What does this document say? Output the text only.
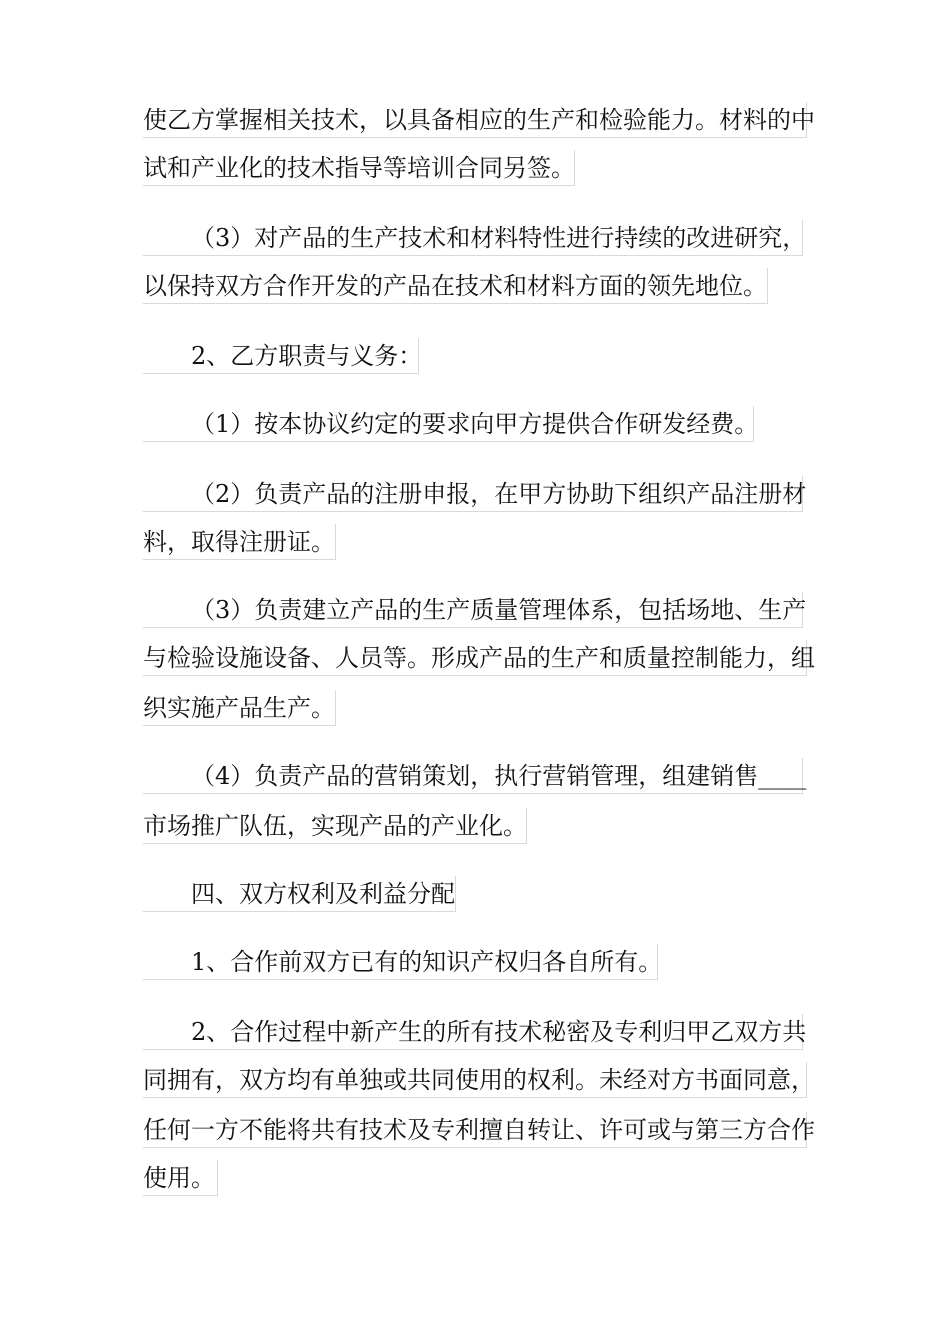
使乙方掌握相关技术，以具备相应的生产和检验能力。材料的中
试和产业化的技术指导等培训合同另签。
（3）对产品的生产技术和材料特性进行持续的改进研究，
以保持双方合作开发的产品在技术和材料方面的领先地位。
2、乙方职责与义务：
（1）按本协议约定的要求向甲方提供合作研发经费。
（2）负责产品的注册申报，在甲方协助下组织产品注册材
料，取得注册证。
（3）负责建立产品的生产质量管理体系，包括场地、生产
与检验设施设备、人员等。形成产品的生产和质量控制能力，组
织实施产品生产。
（4）负责产品的营销策划，执行营销管理，组建销售____
市场推广队伍，实现产品的产业化。
四、双方权利及利益分配
1、合作前双方已有的知识产权归各自所有。
2、合作过程中新产生的所有技术秘密及专利归甲乙双方共
同拥有，双方均有单独或共同使用的权利。未经对方书面同意，
任何一方不能将共有技术及专利擅自转让、许可或与第三方合作
使用。
